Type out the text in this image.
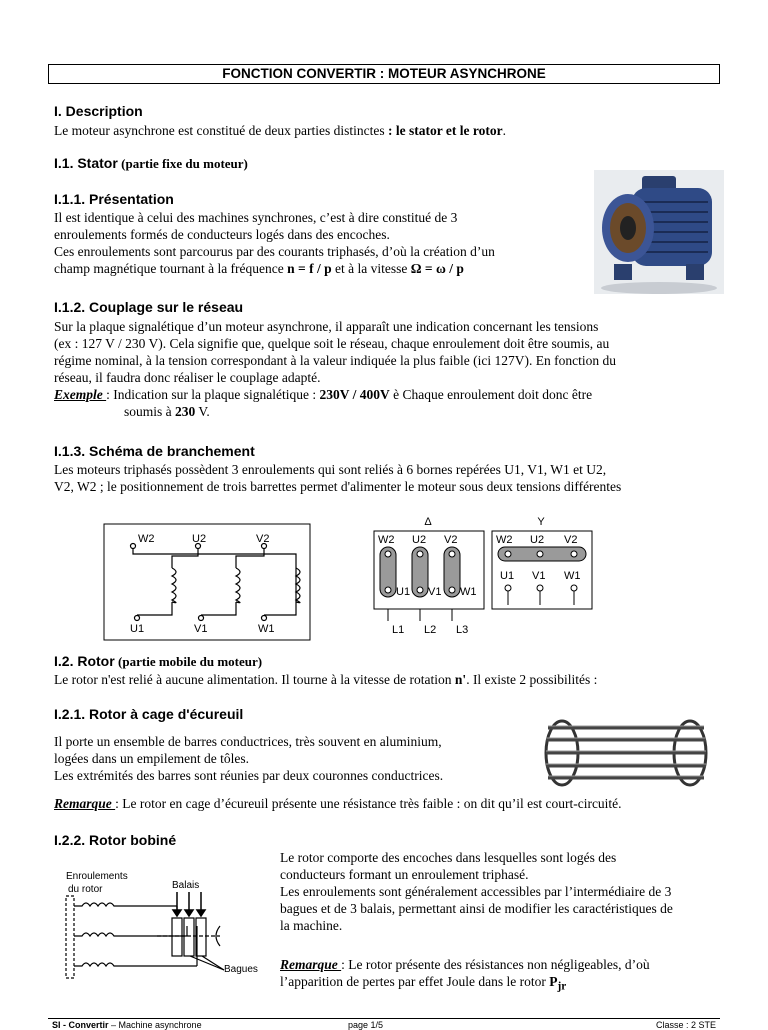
FONCTION CONVERTIR : MOTEUR ASYNCHRONE
I. Description
Le moteur asynchrone est constitué de deux parties distinctes : le stator et le rotor.
I.1. Stator (partie fixe du moteur)
I.1.1. Présentation
Il est identique à celui des machines synchrones, c’est à dire constitué de 3
enroulements formés de conducteurs logés dans des encoches.
Ces enroulements sont parcourus par des courants triphasés, d’où la création d’un
champ magnétique tournant à la fréquence n = f / p et à la vitesse Ω = ω / p
I.1.2. Couplage sur le réseau
Sur la plaque signalétique d’un moteur asynchrone, il apparaît une indication concernant les tensions
(ex : 127 V / 230 V). Cela signifie que, quelque soit le réseau, chaque enroulement doit être soumis, au
régime nominal, à la tension correspondant à la valeur indiquée la plus faible (ici 127V). En fonction du
réseau, il faudra donc réaliser le couplage adapté.
Exemple : Indication sur la plaque signalétique : 230V / 400V è Chaque enroulement doit donc être
soumis à 230 V.
I.1.3. Schéma de branchement
Les moteurs triphasés possèdent 3 enroulements qui sont reliés à 6 bornes repérées U1, V1, W1 et U2,
V2, W2 ; le positionnement de trois barrettes permet d'alimenter le moteur sous deux tensions différentes
W2	U2	V2
U1	V1	W1
Δ
W2 U2 V2
U1 V1 W1
L1 L2 L3
Y
W2 U2 V2
U1 V1 W1
I.2. Rotor (partie mobile du moteur)
Le rotor n'est relié à aucune alimentation. Il tourne à la vitesse de rotation n'. Il existe 2 possibilités :
I.2.1. Rotor à cage d'écureuil
Il porte un ensemble de barres conductrices, très souvent en aluminium,
logées dans un empilement de tôles.
Les extrémités des barres sont réunies par deux couronnes conductrices.
Remarque : Le rotor en cage d’écureuil présente une résistance très faible : on dit qu’il est court-circuité.
I.2.2. Rotor bobiné
Le rotor comporte des encoches dans lesquelles sont logés des
conducteurs formant un enroulement triphasé.
Les enroulements sont généralement accessibles par l’intermédiaire de 3
bagues et de 3 balais, permettant ainsi de modifier les caractéristiques de
la machine.
Remarque : Le rotor présente des résistances non négligeables, d’où
l’apparition de pertes par effet Joule dans le rotor $P_{jr}$
Enroulements
du rotor	Balais
Bagues
SI - Convertir – Machine asynchrone	page 1/5	Classe : 2 STE
